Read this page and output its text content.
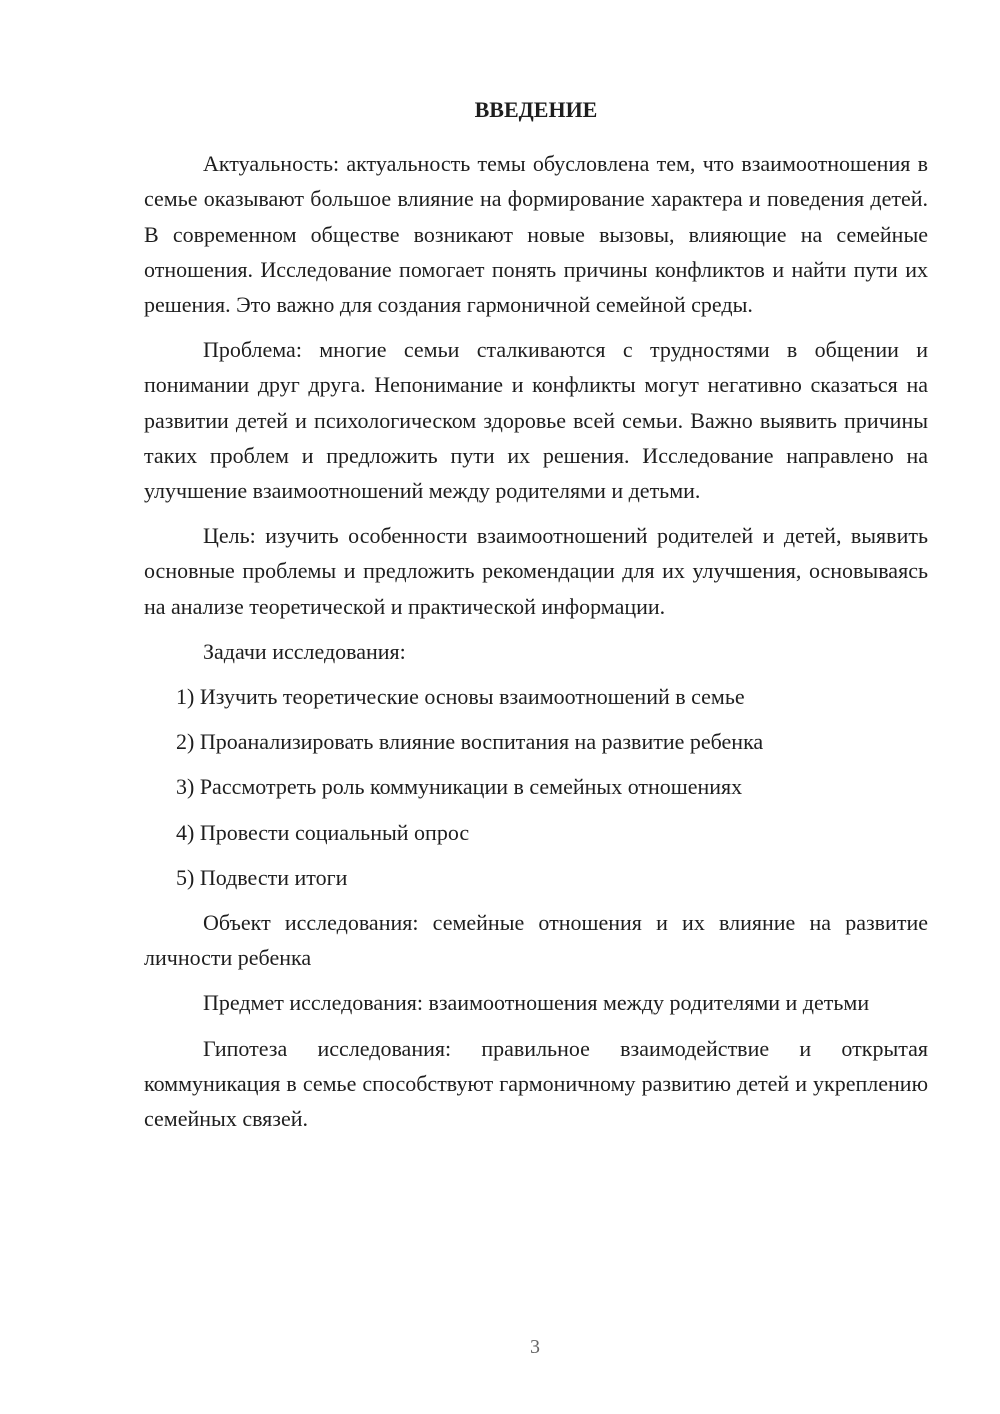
ВВЕДЕНИЕ

Актуальность: актуальность темы обусловлена тем, что взаимоотношения в семье оказывают большое влияние на формирование характера и поведения детей. В современном обществе возникают новые вызовы, влияющие на семейные отношения. Исследование помогает понять причины конфликтов и найти пути их решения. Это важно для создания гармоничной семейной среды.

Проблема: многие семьи сталкиваются с трудностями в общении и понимании друг друга. Непонимание и конфликты могут негативно сказаться на развитии детей и психологическом здоровье всей семьи. Важно выявить причины таких проблем и предложить пути их решения. Исследование направлено на улучшение взаимоотношений между родителями и детьми.

Цель: изучить особенности взаимоотношений родителей и детей, выявить основные проблемы и предложить рекомендации для их улучшения, основываясь на анализе теоретической и практической информации.

Задачи исследования:

1) Изучить теоретические основы взаимоотношений в семье
2) Проанализировать влияние воспитания на развитие ребенка
3) Рассмотреть роль коммуникации в семейных отношениях
4) Провести социальный опрос
5) Подвести итоги

Объект исследования: семейные отношения и их влияние на развитие личности ребенка

Предмет исследования: взаимоотношения между родителями и детьми

Гипотеза исследования: правильное взаимодействие и открытая коммуникация в семье способствуют гармоничному развитию детей и укреплению семейных связей.

3
